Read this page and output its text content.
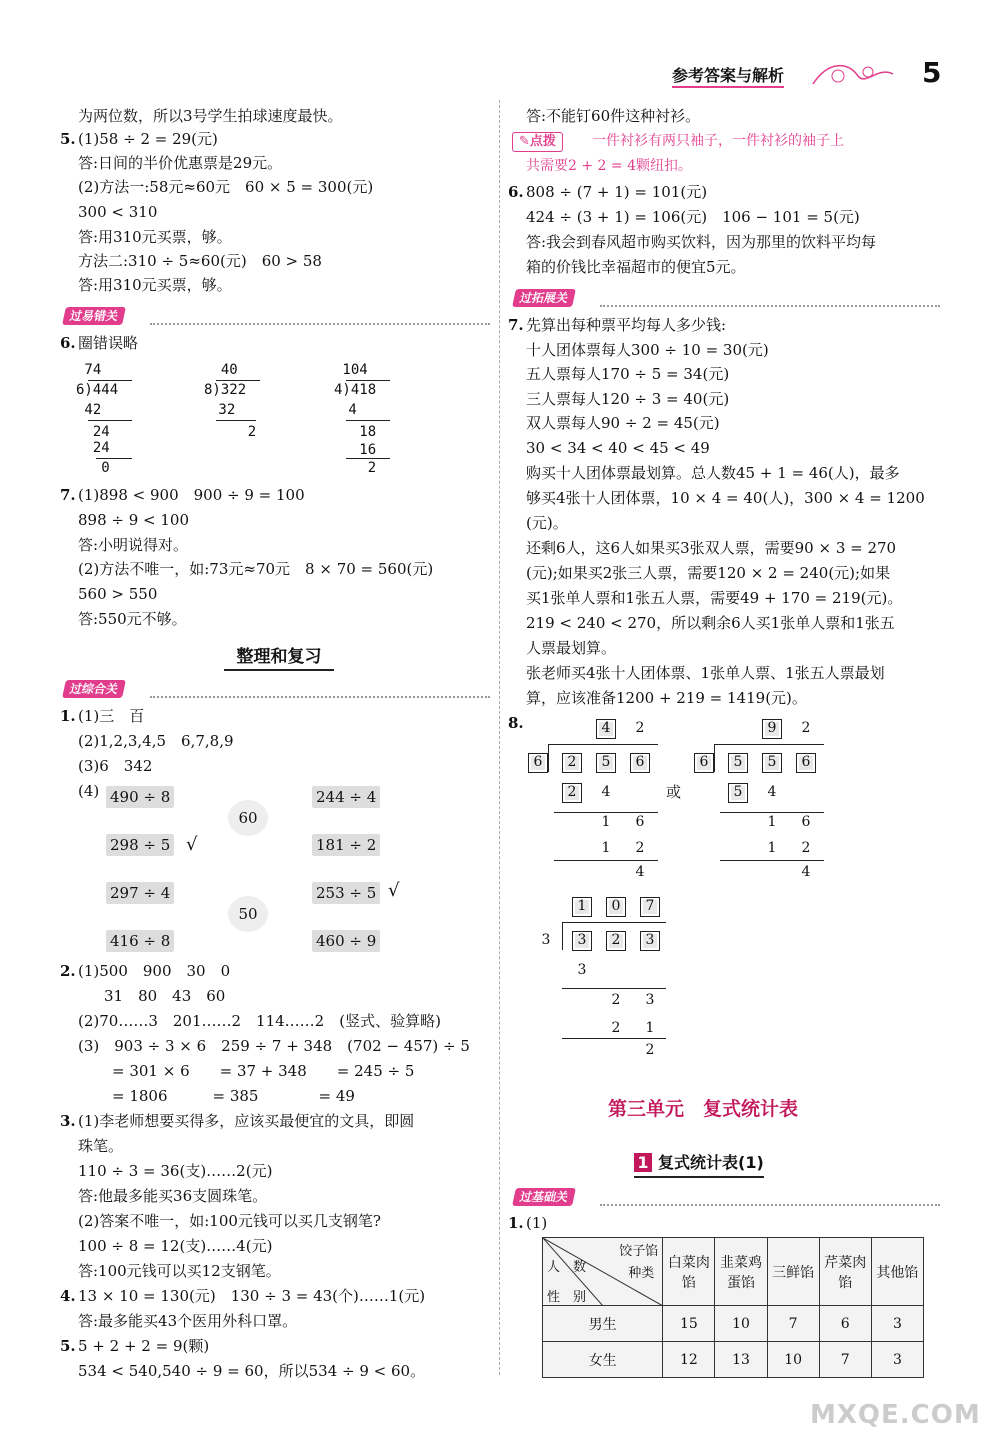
参考答案与解析	5
为两位数，所以3号学生拍球速度最快。
5. (1)58 ÷ 2 = 29(元)
答:日间的半价优惠票是29元。
(2)方法一:58元≈60元　60 × 5 = 300(元)
300 < 310
答:用310元买票，够。
方法二:310 ÷ 5≈60(元)　60 > 58
答:用310元买票，够。
过易错关
6. 圈错误略
74
6)444
42
24
24
0
40
8)322
32
2
104
4)418
4
18
16
2
7. (1)898 < 900　900 ÷ 9 = 100
898 ÷ 9 < 100
答:小明说得对。
(2)方法不唯一，如:73元≈70元　8 × 70 = 560(元)
560 > 550
答:550元不够。
整理和复习
过综合关
1. (1)三　百
(2)1,2,3,4,5　6,7,8,9
(3)6　342
(4) 490 ÷ 8
298 ÷ 5
297 ÷ 4
416 ÷ 8
244 ÷ 4
181 ÷ 2
253 ÷ 5
460 ÷ 9
60
50
√
√
2. (1)500　900　30　0
31　80　43　60
(2)70……3　201……2　114……2　(竖式、验算略)
(3)　903 ÷ 3 × 6　259 ÷ 7 + 348　(702 − 457) ÷ 5
= 301 × 6　　= 37 + 348　　= 245 ÷ 5
= 1806　　　= 385　　　　= 49
3. (1)李老师想要买得多，应该买最便宜的文具，即圆
珠笔。
110 ÷ 3 = 36(支)……2(元)
答:他最多能买36支圆珠笔。
(2)答案不唯一，如:100元钱可以买几支钢笔?
100 ÷ 8 = 12(支)……4(元)
答:100元钱可以买12支钢笔。
4. 13 × 10 = 130(元)　130 ÷ 3 = 43(个)……1(元)
答:最多能买43个医用外科口罩。
5. 5 + 2 + 2 = 9(颗)
534 < 540,540 ÷ 9 = 60，所以534 ÷ 9 < 60。
答:不能钉60件这种衬衫。
✎点拨	一件衬衫有两只袖子，一件衬衫的袖子上
共需要2 + 2 = 4颗纽扣。
6. 808 ÷ (7 + 1) = 101(元)
424 ÷ (3 + 1) = 106(元)　106 − 101 = 5(元)
答:我会到春风超市购买饮料，因为那里的饮料平均每
箱的价钱比幸福超市的便宜5元。
过拓展关
7. 先算出每种票平均每人多少钱:
十人团体票每人300 ÷ 10 = 30(元)
五人票每人170 ÷ 5 = 34(元)
三人票每人120 ÷ 3 = 40(元)
双人票每人90 ÷ 2 = 45(元)
30 < 34 < 40 < 45 < 49
购买十人团体票最划算。总人数45 + 1 = 46(人)，最多
够买4张十人团体票，10 × 4 = 40(人)，300 × 4 = 1200
(元)。
还剩6人，这6人如果买3张双人票，需要90 × 3 = 270
(元);如果买2张三人票，需要120 × 2 = 240(元);如果
买1张单人票和1张五人票，需要49 + 170 = 219(元)。
219 < 240 < 270，所以剩余6人买1张单人票和1张五
人票最划算。
张老师买4张十人团体票、1张单人票、1张五人票最划
算，应该准备1200 + 219 = 1419(元)。
8.	4	2
6	2	5	6
2	4
1	6
1	2
4
或
9	2
6	5	5	6
5	4
1	6
1	2
4
1	0	7
3	3	2	3
3
2	3
2	1
2
第三单元　复式统计表
1 复式统计表(1)
过基础关
1. (1)
饺子馅
种类
人　数
性　别	白菜肉馅	韭菜鸡蛋馅	三鲜馅	芹菜肉馅	其他馅
男生	15	10	7	6	3
女生	12	13	10	7	3
MXQE.COM
